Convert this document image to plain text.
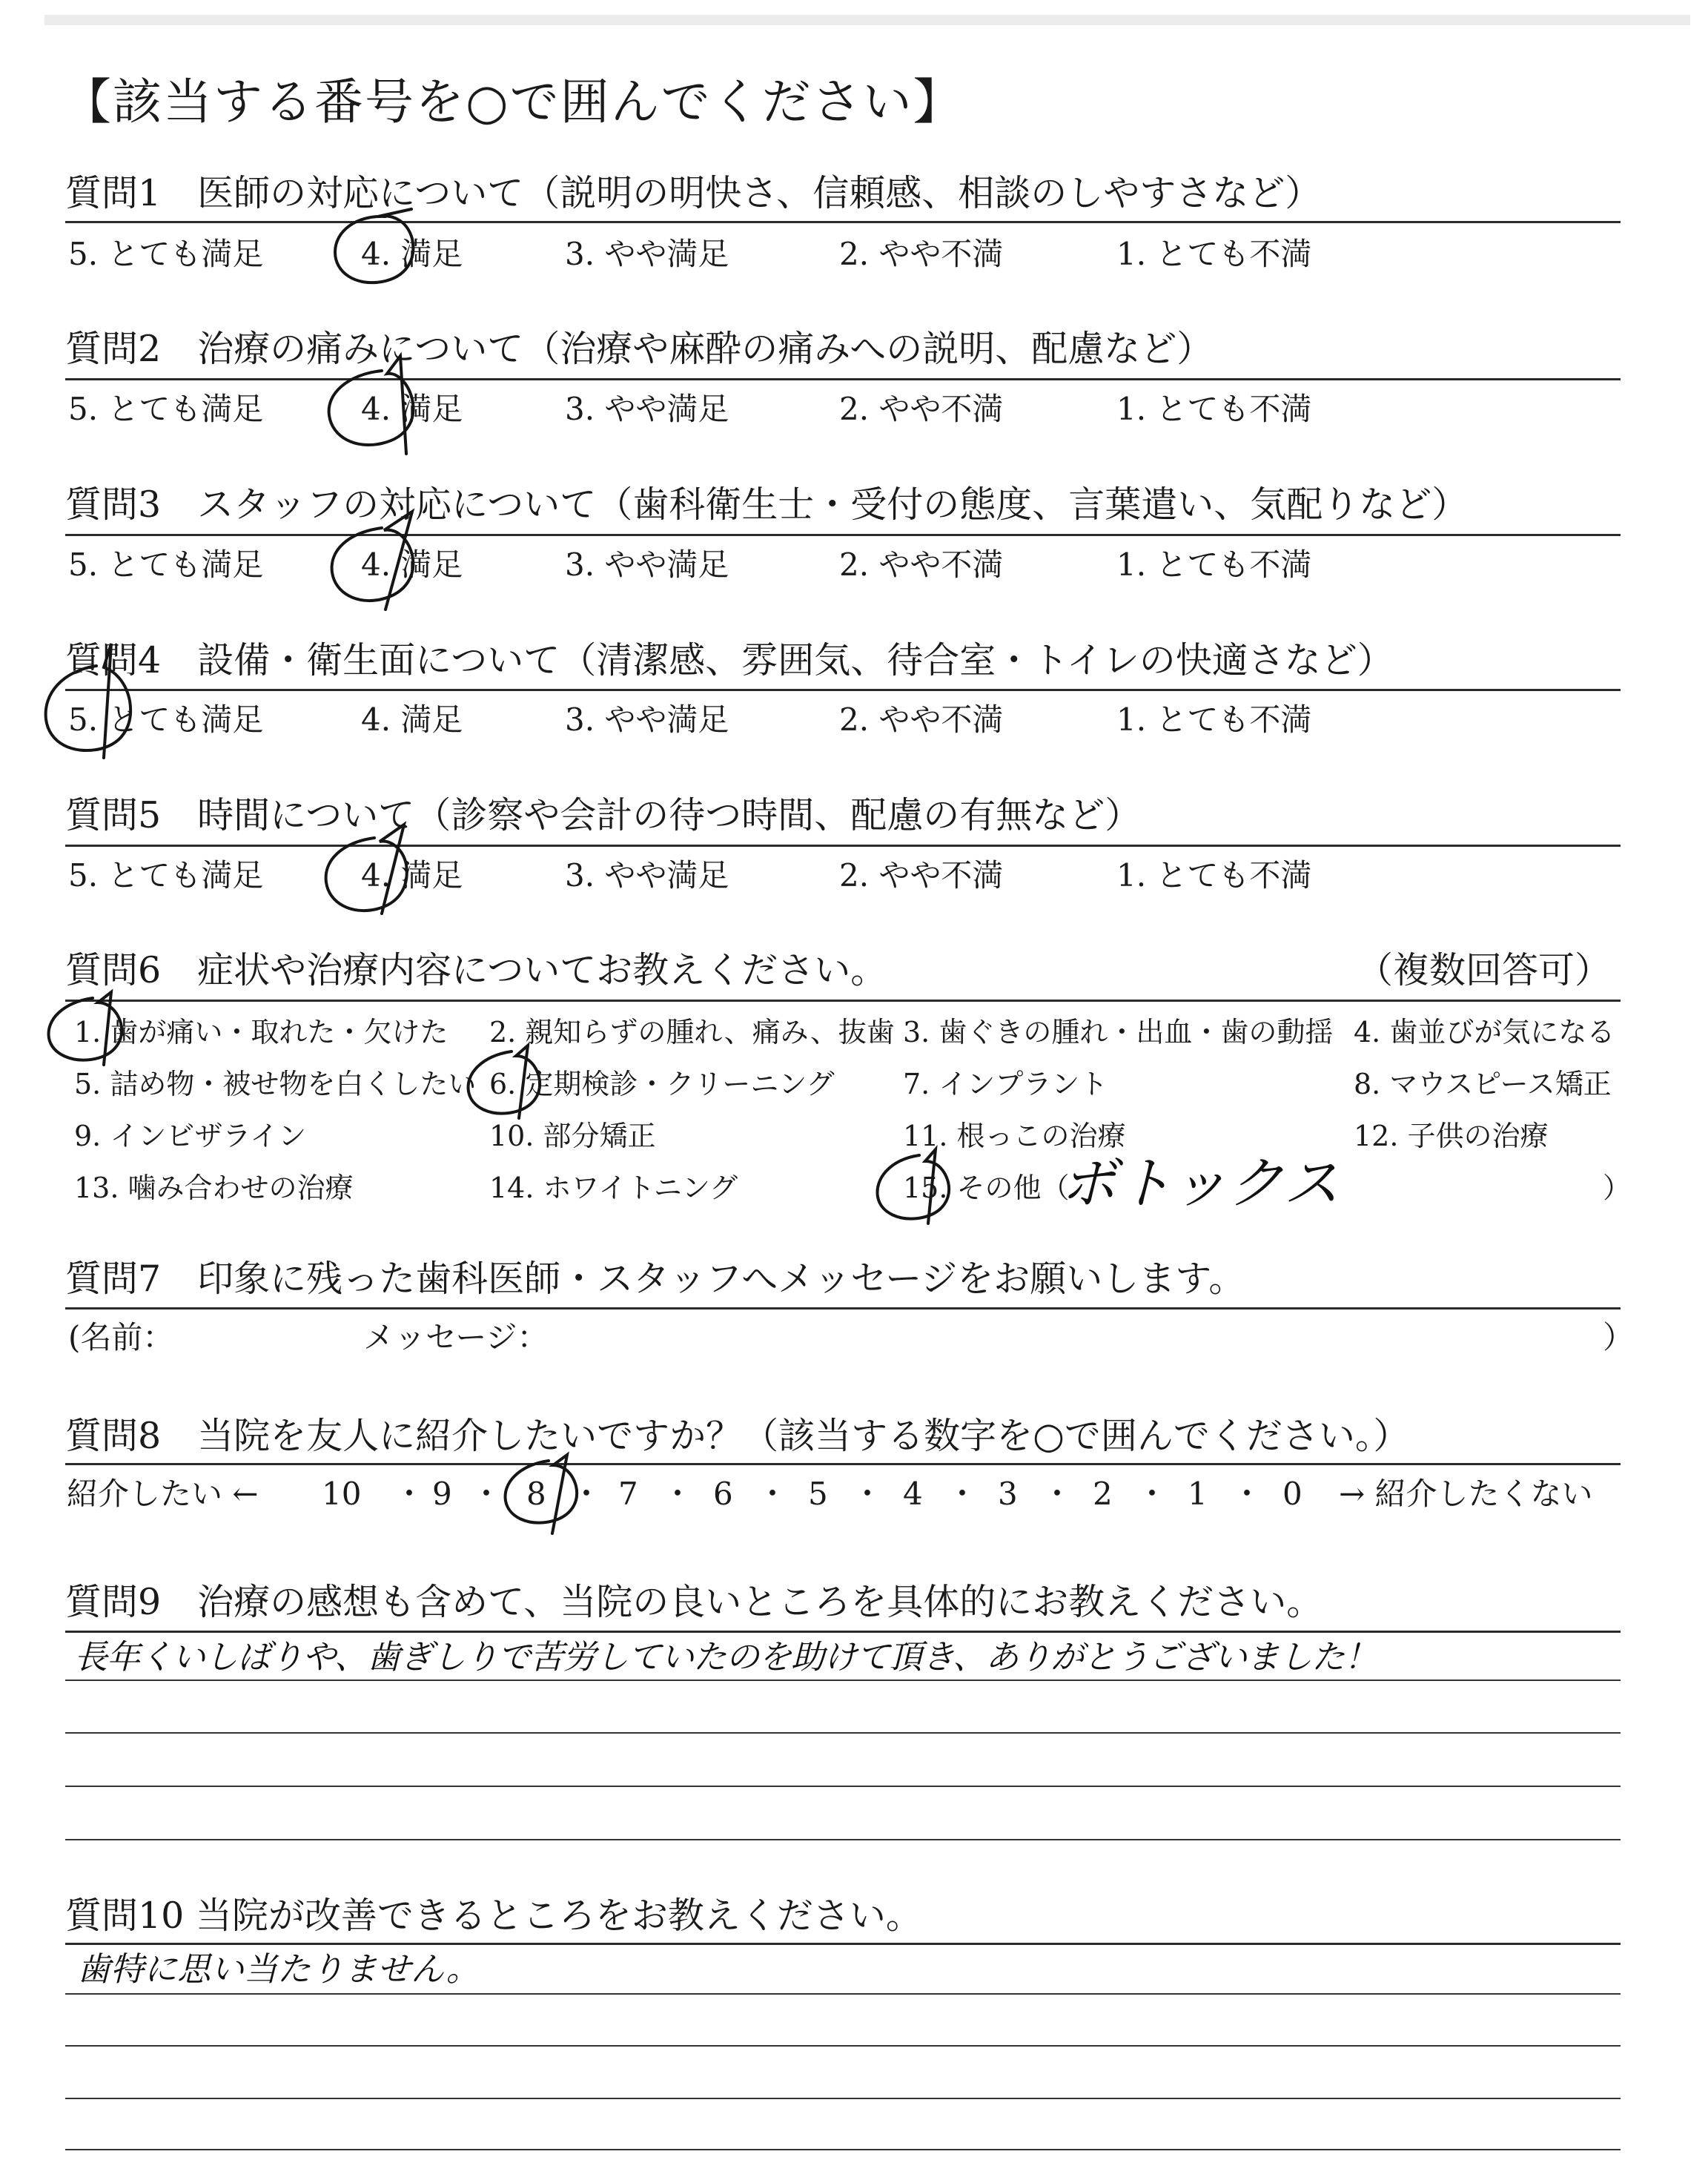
【該当する番号を○で囲んでください】
質問1　医師の対応について（説明の明快さ、信頼感、相談のしやすさなど）
5. とても満足	4. 満足	3. やや満足	2. やや不満	1. とても不満
質問2　治療の痛みについて（治療や麻酔の痛みへの説明、配慮など）
5. とても満足	4. 満足	3. やや満足	2. やや不満	1. とても不満
質問3　スタッフの対応について（歯科衛生士・受付の態度、言葉遣い、気配りなど）
5. とても満足	4. 満足	3. やや満足	2. やや不満	1. とても不満
質問4　設備・衛生面について（清潔感、雰囲気、待合室・トイレの快適さなど）
5. とても満足	4. 満足	3. やや満足	2. やや不満	1. とても不満
質問5　時間について（診察や会計の待つ時間、配慮の有無など）
5. とても満足	4. 満足	3. やや満足	2. やや不満	1. とても不満
質問6　症状や治療内容についてお教えください。	（複数回答可）
1. 歯が痛い・取れた・欠けた 2. 親知らずの腫れ、痛み、抜歯 3. 歯ぐきの腫れ・出血・歯の動揺 4. 歯並びが気になる
5. 詰め物・被せ物を白くしたい 6. 定期検診・クリーニング 7. インプラント	8. マウスピース矯正
9. インビザライン	10. 部分矯正	11. 根っこの治療	12. 子供の治療
13. 噛み合わせの治療	14. ホワイトニング	15. その他（
ボトックス	）
質問7　印象に残った歯科医師・スタッフへメッセージをお願いします。
(名前：	メッセージ：	）
質問8　当院を友人に紹介したいですか？（該当する数字を○で囲んでください。）
紹介したい ←	→ 紹介したくない
10 ・ 9 ・ 8 ・ 7 ・ 6 ・ 5 ・ 4 ・ 3 ・ 2 ・ 1 ・ 0
質問9　治療の感想も含めて、当院の良いところを具体的にお教えください。
長年くいしばりや、歯ぎしりで苦労していたのを助けて頂き、ありがとうございました！
質問10 当院が改善できるところをお教えください。
歯特に思い当たりません。
